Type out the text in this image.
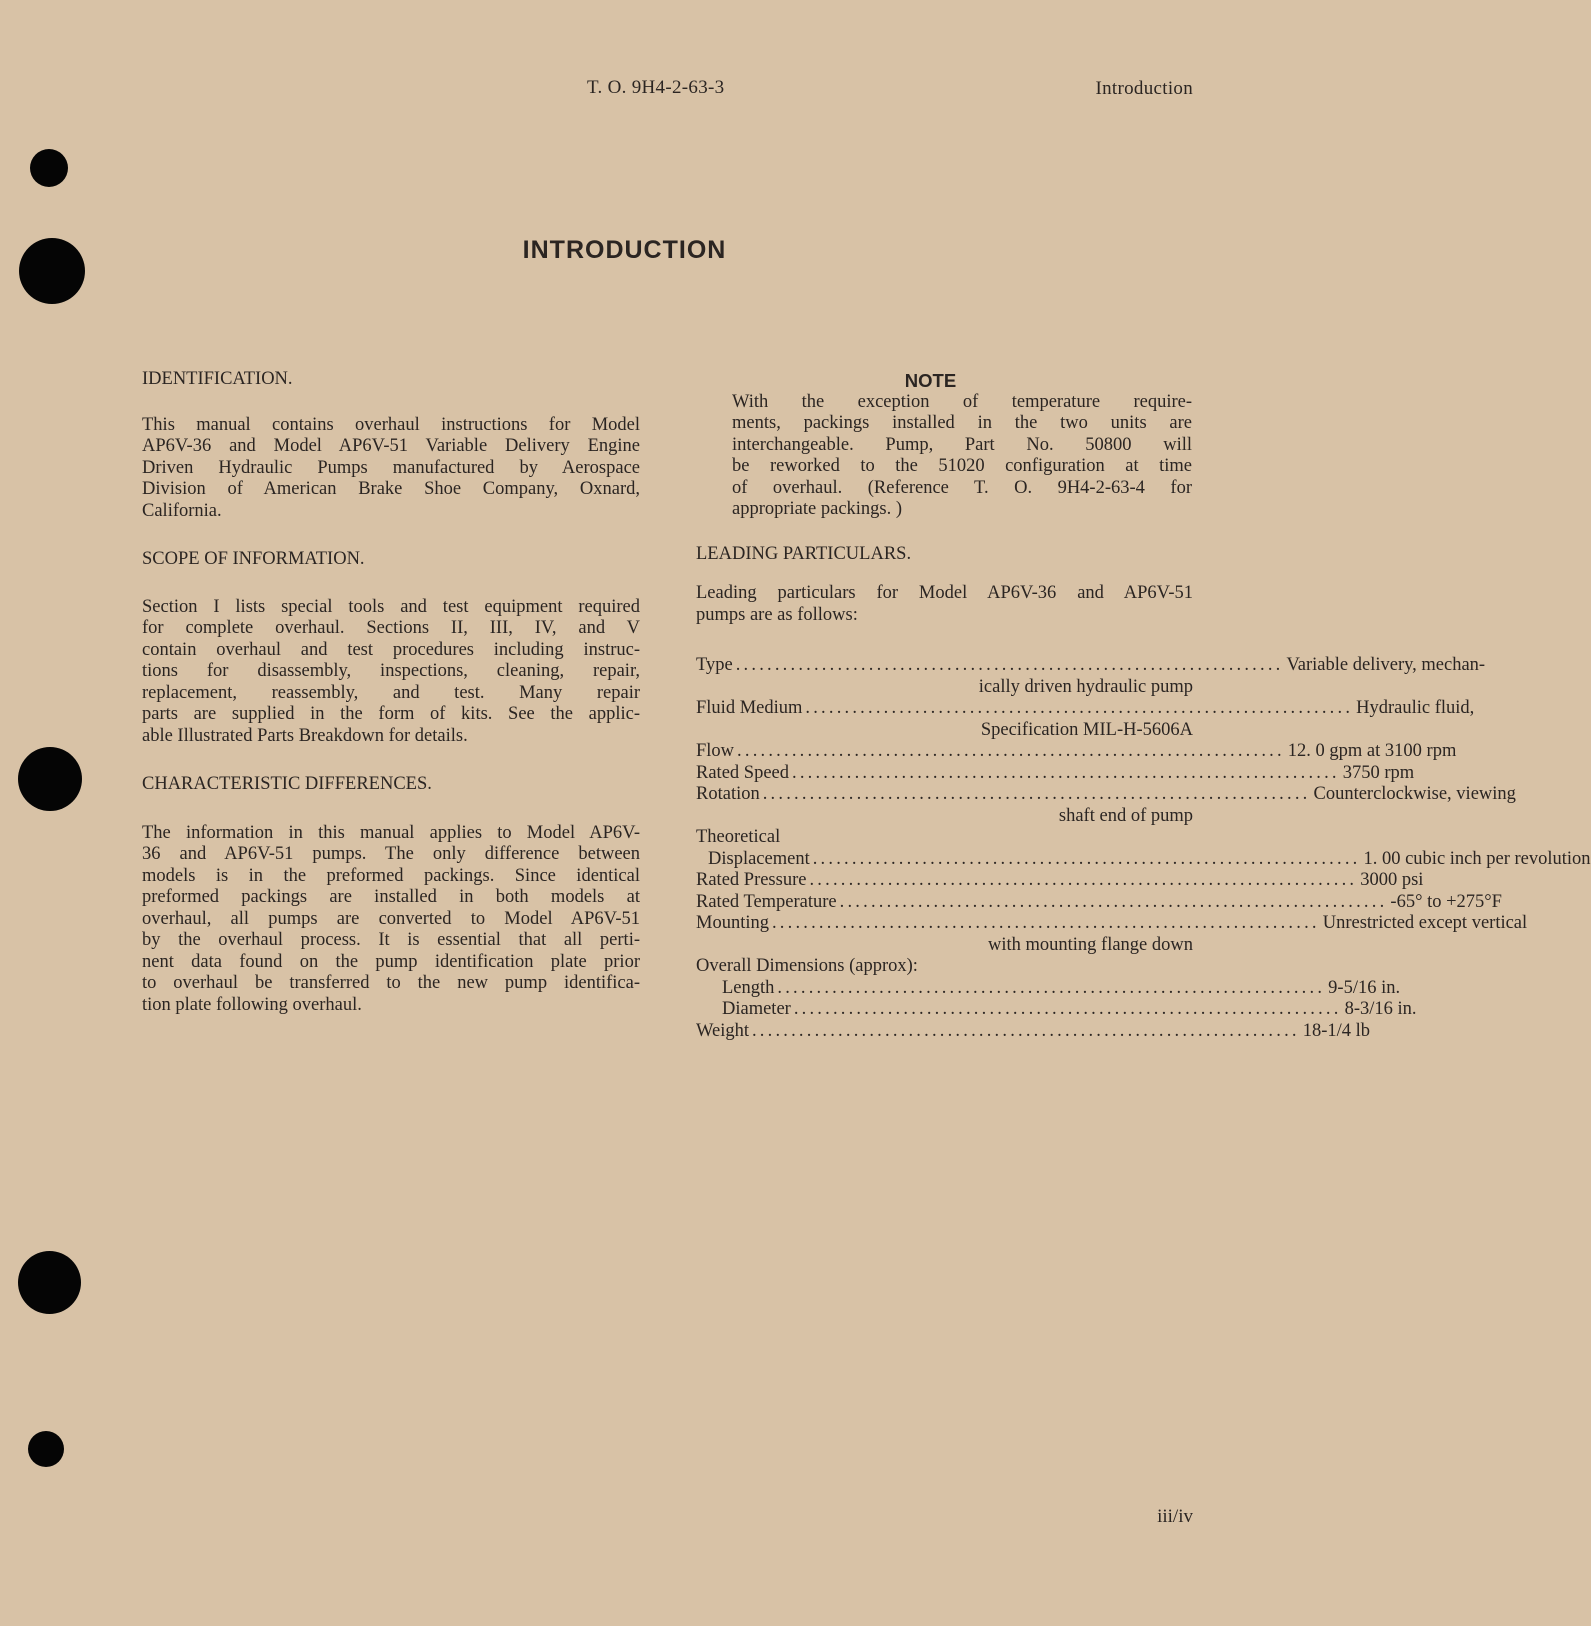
T. O. 9H4-2-63-3	Introduction
INTRODUCTION
IDENTIFICATION.
This manual contains overhaul instructions for Model
AP6V-36 and Model AP6V-51 Variable Delivery Engine
Driven Hydraulic Pumps manufactured by Aerospace
Division of American Brake Shoe Company, Oxnard,
California.
SCOPE OF INFORMATION.
Section I lists special tools and test equipment required
for complete overhaul. Sections II, III, IV, and V
contain overhaul and test procedures including instruc-
tions for disassembly, inspections, cleaning, repair,
replacement, reassembly, and test. Many repair
parts are supplied in the form of kits. See the applic-
able Illustrated Parts Breakdown for details.
CHARACTERISTIC DIFFERENCES.
The information in this manual applies to Model AP6V-
36 and AP6V-51 pumps. The only difference between
models is in the preformed packings. Since identical
preformed packings are installed in both models at
overhaul, all pumps are converted to Model AP6V-51
by the overhaul process. It is essential that all perti-
nent data found on the pump identification plate prior
to overhaul be transferred to the new pump identifica-
tion plate following overhaul.
NOTE
With the exception of temperature require-
ments, packings installed in the two units are
interchangeable. Pump, Part No. 50800 will
be reworked to the 51020 configuration at time
of overhaul. (Reference T. O. 9H4-2-63-4 for
appropriate packings. )
LEADING PARTICULARS.
Leading particulars for Model AP6V-36 and AP6V-51
pumps are as follows:
Type ...................................................................... Variable delivery, mechan-
ically driven hydraulic pump
Fluid Medium ...................................................................... Hydraulic fluid,
Specification MIL-H-5606A
Flow ...................................................................... 12. 0 gpm at 3100 rpm
Rated Speed ...................................................................... 3750 rpm
Rotation ...................................................................... Counterclockwise, viewing
shaft end of pump
Theoretical
Displacement ...................................................................... 1. 00 cubic inch per revolution
Rated Pressure ...................................................................... 3000 psi
Rated Temperature ...................................................................... -65° to +275°F
Mounting ...................................................................... Unrestricted except vertical
with mounting flange down
Overall Dimensions (approx):
Length ...................................................................... 9-5/16 in.
Diameter ...................................................................... 8-3/16 in.
Weight ...................................................................... 18-1/4 lb
iii/iv
